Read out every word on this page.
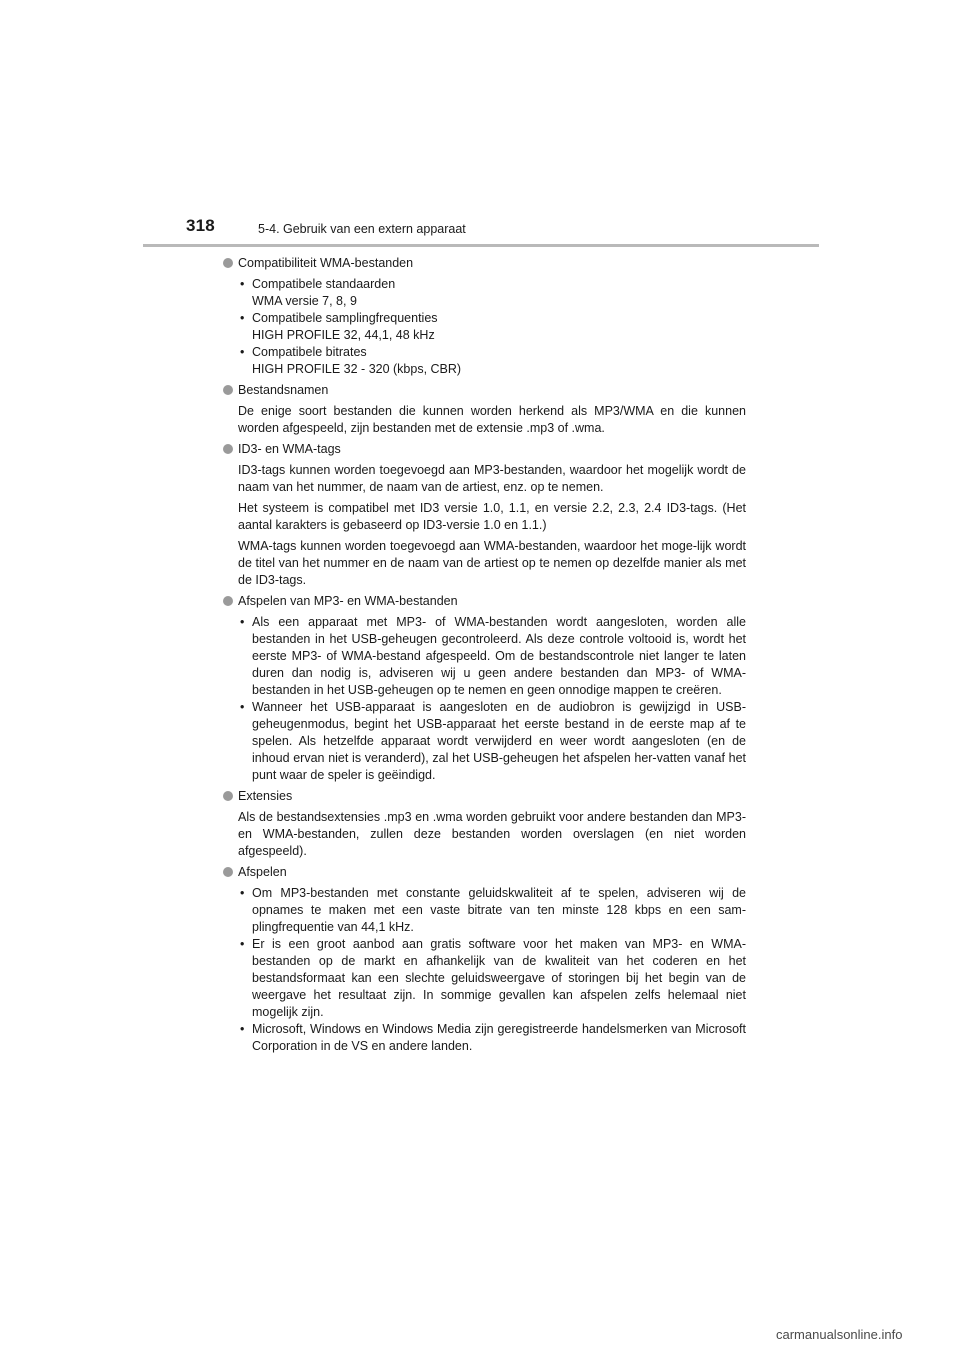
318	5-4. Gebruik van een extern apparaat
Compatibiliteit WMA-bestanden
• Compatibele standaarden
WMA versie 7, 8, 9
• Compatibele samplingfrequenties
HIGH PROFILE 32, 44,1, 48 kHz
• Compatibele bitrates
HIGH PROFILE 32 - 320 (kbps, CBR)
Bestandsnamen

De enige soort bestanden die kunnen worden herkend als MP3/WMA en die kunnen worden afgespeeld, zijn bestanden met de extensie .mp3 of .wma.

ID3- en WMA-tags

ID3-tags kunnen worden toegevoegd aan MP3-bestanden, waardoor het mogelijk wordt de naam van het nummer, de naam van de artiest, enz. op te nemen.

Het systeem is compatibel met ID3 versie 1.0, 1.1, en versie 2.2, 2.3, 2.4 ID3-tags. (Het aantal karakters is gebaseerd op ID3-versie 1.0 en 1.1.)

WMA-tags kunnen worden toegevoegd aan WMA-bestanden, waardoor het moge-lijk wordt de titel van het nummer en de naam van de artiest op te nemen op dezelfde manier als met de ID3-tags.

Afspelen van MP3- en WMA-bestanden
• Als een apparaat met MP3- of WMA-bestanden wordt aangesloten, worden alle bestanden in het USB-geheugen gecontroleerd. Als deze controle voltooid is, wordt het eerste MP3- of WMA-bestand afgespeeld. Om de bestandscontrole niet langer te laten duren dan nodig is, adviseren wij u geen andere bestanden dan MP3- of WMA-bestanden in het USB-geheugen op te nemen en geen onnodige mappen te creëren.
• Wanneer het USB-apparaat is aangesloten en de audiobron is gewijzigd in USB-geheugenmodus, begint het USB-apparaat het eerste bestand in de eerste map af te spelen. Als hetzelfde apparaat wordt verwijderd en weer wordt aangesloten (en de inhoud ervan niet is veranderd), zal het USB-geheugen het afspelen her-vatten vanaf het punt waar de speler is geëindigd.
Extensies

Als de bestandsextensies .mp3 en .wma worden gebruikt voor andere bestanden dan MP3- en WMA-bestanden, zullen deze bestanden worden overslagen (en niet worden afgespeeld).

Afspelen
• Om MP3-bestanden met constante geluidskwaliteit af te spelen, adviseren wij de opnames te maken met een vaste bitrate van ten minste 128 kbps en een sam-plingfrequentie van 44,1 kHz.
• Er is een groot aanbod aan gratis software voor het maken van MP3- en WMA-bestanden op de markt en afhankelijk van de kwaliteit van het coderen en het bestandsformaat kan een slechte geluidsweergave of storingen bij het begin van de weergave het resultaat zijn. In sommige gevallen kan afspelen zelfs helemaal niet mogelijk zijn.
• Microsoft, Windows en Windows Media zijn geregistreerde handelsmerken van Microsoft Corporation in de VS en andere landen.
carmanualsonline.info
